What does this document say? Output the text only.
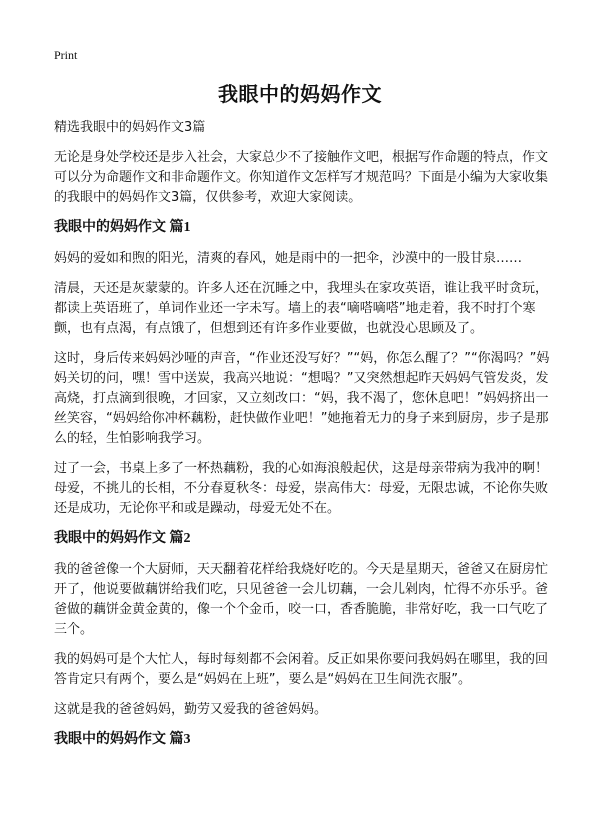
Print
我眼中的妈妈作文

精选我眼中的妈妈作文3篇

无论是身处学校还是步入社会，大家总少不了接触作文吧，根据写作命题的特点，作文可以分为命题作文和非命题作文。你知道作文怎样写才规范吗？下面是小编为大家收集的我眼中的妈妈作文3篇，仅供参考，欢迎大家阅读。

我眼中的妈妈作文 篇1

妈妈的爱如和煦的阳光，清爽的春风，她是雨中的一把伞，沙漠中的一股甘泉……

清晨，天还是灰蒙蒙的。许多人还在沉睡之中，我埋头在家攻英语，谁让我平时贪玩，都读上英语班了，单词作业还一字未写。墙上的表“嘀嗒嘀嗒”地走着，我不时打个寒颤，也有点渴，有点饿了，但想到还有许多作业要做，也就没心思顾及了。

这时，身后传来妈妈沙哑的声音，“作业还没写好？”“妈，你怎么醒了？”“你渴吗？”妈妈关切的问，嘿！雪中送炭，我高兴地说：“想喝？”又突然想起昨天妈妈气管发炎，发高烧，打点滴到很晚，才回家，又立刻改口：“妈，我不渴了，您休息吧！”妈妈挤出一丝笑容，“妈妈给你冲杯藕粉，赶快做作业吧！”她拖着无力的身子来到厨房，步子是那么的轻，生怕影响我学习。

过了一会，书桌上多了一杯热藕粉，我的心如海浪般起伏，这是母亲带病为我冲的啊！母爱，不挑儿的长相，不分春夏秋冬：母爱，崇高伟大：母爱，无限忠诚，不论你失败还是成功，无论你平和或是躁动，母爱无处不在。

我眼中的妈妈作文 篇2

我的爸爸像一个大厨师，天天翻着花样给我烧好吃的。今天是星期天，爸爸又在厨房忙开了，他说要做藕饼给我们吃，只见爸爸一会儿切藕，一会儿剁肉，忙得不亦乐乎。爸爸做的藕饼金黄金黄的，像一个个金币，咬一口，香香脆脆，非常好吃，我一口气吃了三个。

我的妈妈可是个大忙人，每时每刻都不会闲着。反正如果你要问我妈妈在哪里，我的回答肯定只有两个，要么是“妈妈在上班”，要么是“妈妈在卫生间洗衣服”。

这就是我的爸爸妈妈，勤劳又爱我的爸爸妈妈。

我眼中的妈妈作文 篇3
